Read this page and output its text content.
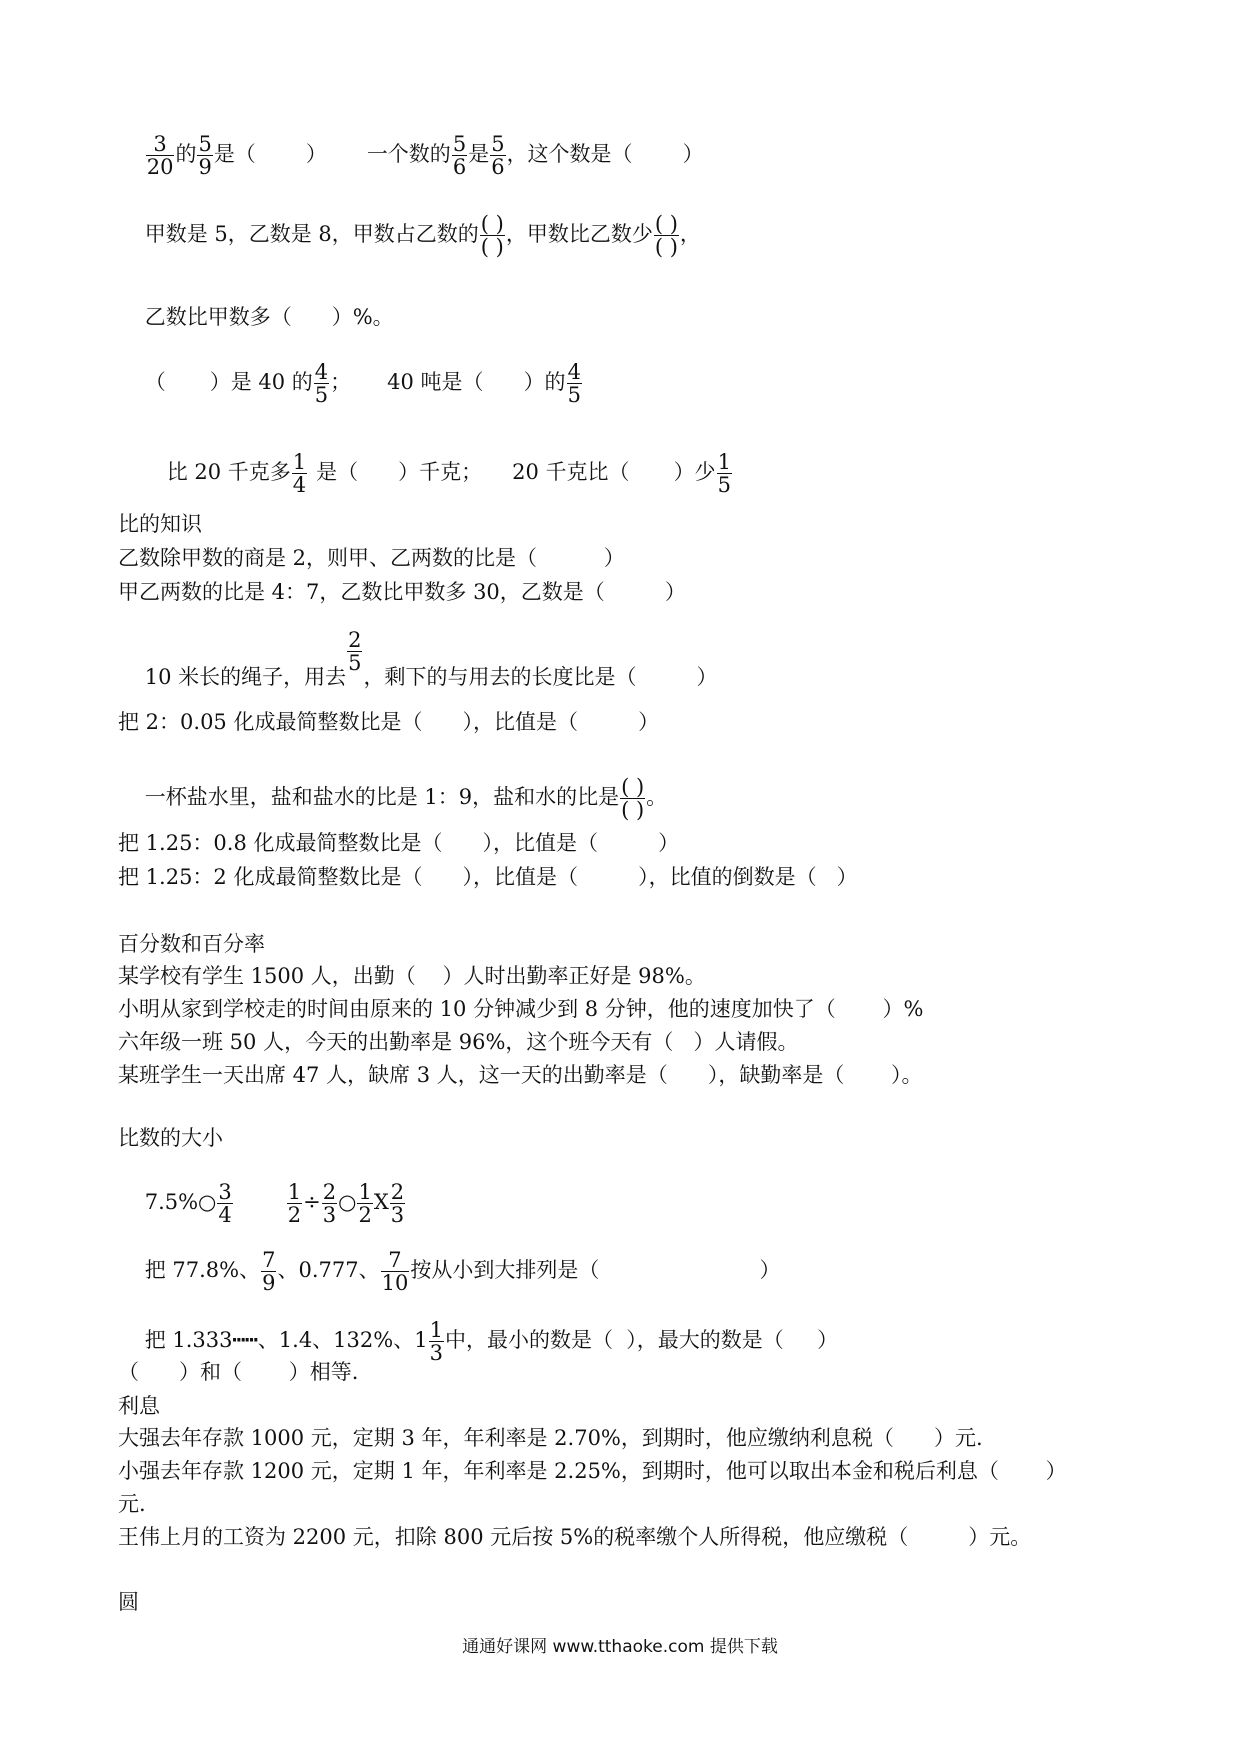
$\frac{3}{20}$ 的 $\frac{5}{9}$ 是（ ） 一个数的 $\frac{5}{6}$ 是 $\frac{5}{6}$ ，这个数是（ ）

甲数是 5，乙数是 8，甲数占乙数的 ( )
( )
，甲数比乙数少 ( )
( )
，

乙数比甲数多（ ）%。

（ ）是 40 的 $\frac{4}{5}$ ； 40 吨是（ ）的 $\frac{4}{5}$

比 20 千克多 $\frac{1}{4}$ 是（ ）千克； 20 千克比（ ）少 $\frac{1}{5}$

比的知识
乙数除甲数的商是 2，则甲、乙两数的比是（          ）
甲乙两数的比是 4：7，乙数比甲数多 30，乙数是（         ）

10 米长的绳子，用去
$\frac{2}{5}$
，剩下的与用去的长度比是（         ）

把 2：0.05 化成最简整数比是（      ），比值是（         ）

一杯盐水里，盐和盐水的比是 1：9，盐和水的比是 ( )
( )
。

把 1.25：0.8 化成最简整数比是（      ），比值是（         ）
把 1.25：2 化成最简整数比是（      ），比值是（         ），比值的倒数是（   ）
百分数和百分率
某学校有学生 1500 人，出勤（    ）人时出勤率正好是 98%。
小明从家到学校走的时间由原来的 10 分钟减少到 8 分钟，他的速度加快了（       ）%
六年级一班 50 人，今天的出勤率是 96%，这个班今天有（   ）人请假。
某班学生一天出席 47 人，缺席 3 人，这一天的出勤率是（      ），缺勤率是（       ）。
比数的大小

7.5%○ $\frac{3}{4}$	$\frac{1}{2} \div \frac{2}{3}$ ○ $\frac{1}{2}$ X $\frac{2}{3}$

把 77.8%、 $\frac{7}{9}$ 、0.777、 $\frac{7}{10}$ 按从小到大排列是（                        ）

把 1.333┅┅、1.4、132%、$1 \frac{1}{3}$ 中，最小的数是（  ），最大的数是（     ）

（      ）和（       ）相等.
利息
大强去年存款 1000 元，定期 3 年，年利率是 2.70%，到期时，他应缴纳利息税（      ）元.
小强去年存款 1200 元，定期 1 年，年利率是 2.25%，到期时，他可以取出本金和税后利息（       ）
元.
王伟上月的工资为 2200 元，扣除 800 元后按 5%的税率缴个人所得税，他应缴税（         ）元。
圆
通通好课网 www.tthaoke.com 提供下载
